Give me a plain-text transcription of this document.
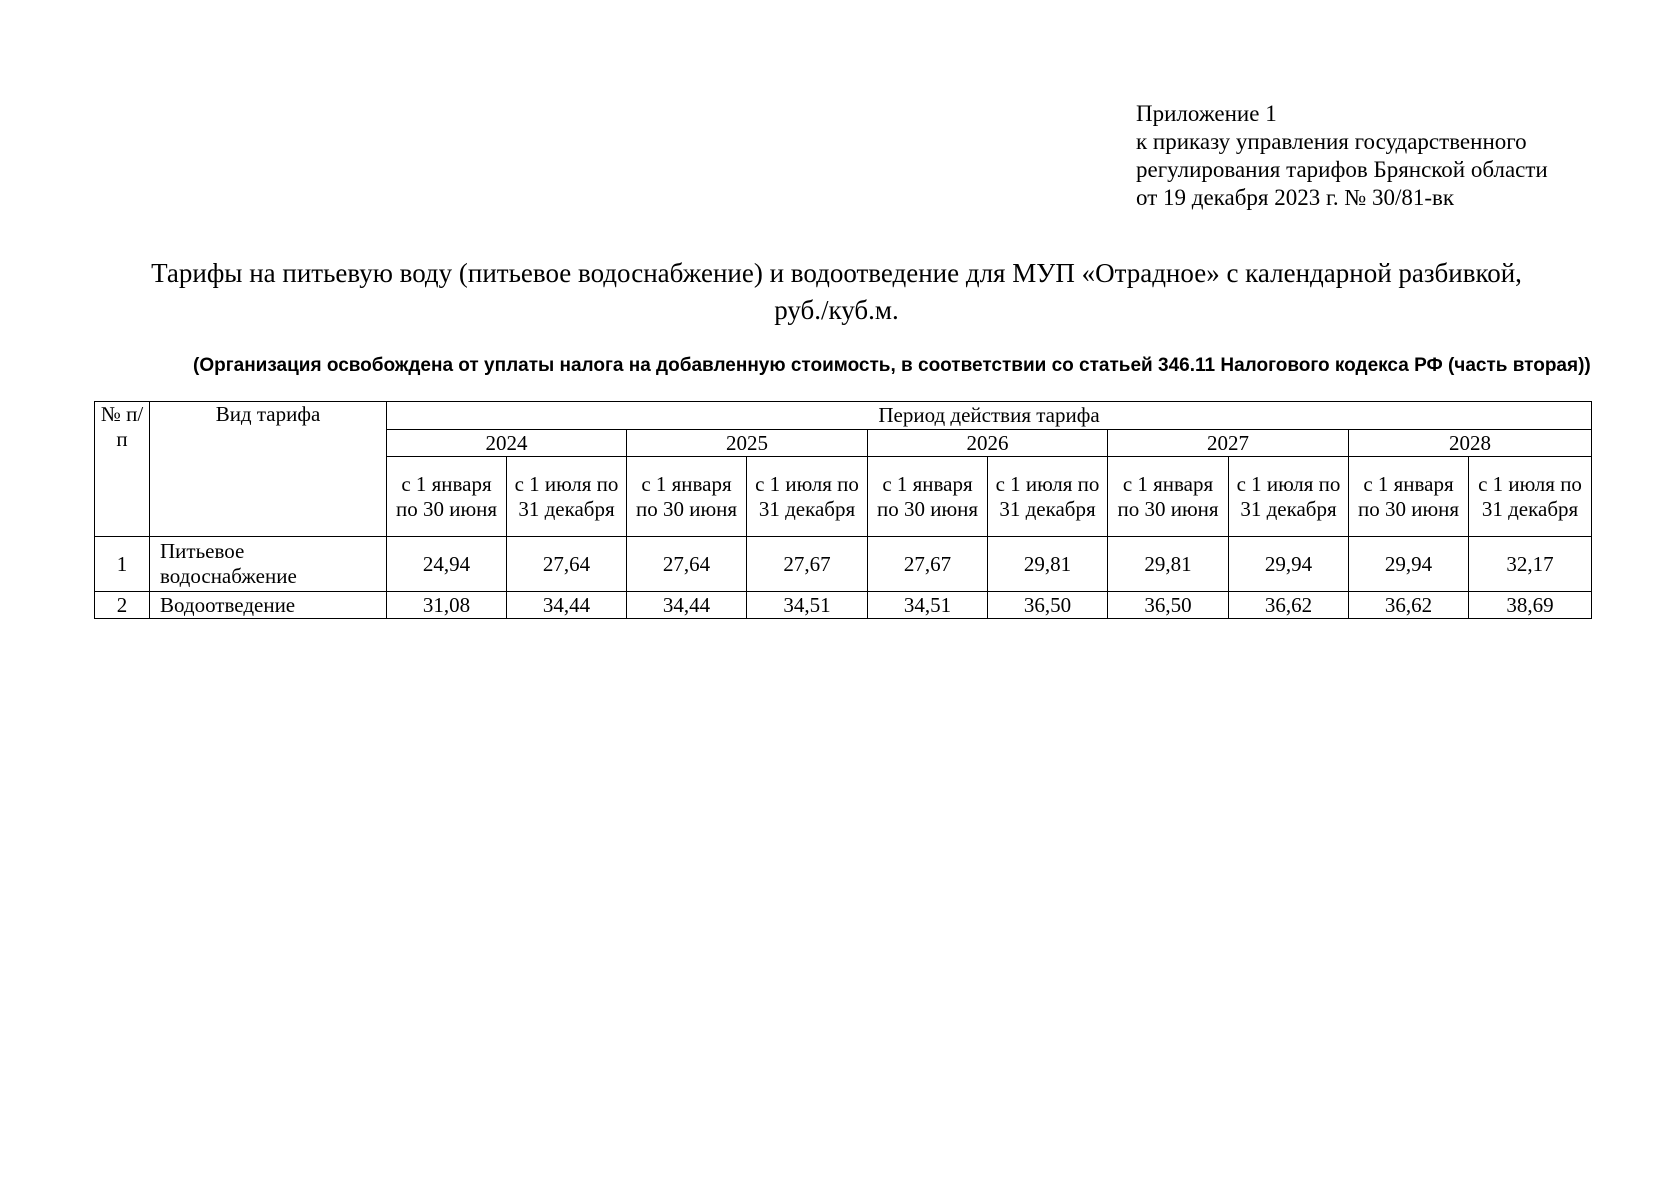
Приложение 1
к приказу управления государственного
регулирования тарифов Брянской области
от 19 декабря 2023 г. № 30/81-вк
Тарифы на питьевую воду (питьевое водоснабжение) и водоотведение для МУП «Отрадное» с календарной разбивкой,
руб./куб.м.
(Организация освобождена от уплаты налога на добавленную стоимость, в соответствии со статьей 346.11 Налогового кодекса РФ (часть вторая))
№ п/п	Вид тарифа	Период действия тарифа									
		2024		2025		2026		2027		2028	
		с 1 января по 30 июня	с 1 июля по 31 декабря	с 1 января по 30 июня	с 1 июля по 31 декабря	с 1 января по 30 июня	с 1 июля по 31 декабря	с 1 января по 30 июня	с 1 июля по 31 декабря	с 1 января по 30 июня	с 1 июля по 31 декабря
1	Питьевое водоснабжение	24,94	27,64	27,64	27,67	27,67	29,81	29,81	29,94	29,94	32,17
2	Водоотведение	31,08	34,44	34,44	34,51	34,51	36,50	36,50	36,62	36,62	38,69
